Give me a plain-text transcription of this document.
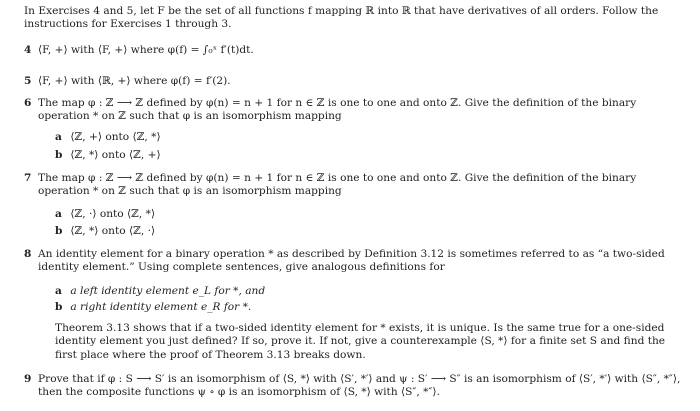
In Exercises 4 and 5, let F be the set of all functions f mapping ℝ into ℝ that have derivatives of all orders. Follow the instructions for Exercises 1 through 3.
4 ⟨F, +⟩ with ⟨F, +⟩ where φ(f) = ∫₀ˣ f′(t)dt.
5 ⟨F, +⟩ with ⟨ℝ, +⟩ where φ(f) = f′(2).
6 The map φ : ℤ ⟶ ℤ defined by φ(n) = n + 1 for n ∈ ℤ is one to one and onto ℤ. Give the definition of the binary operation * on ℤ such that φ is an isomorphism mapping
a ⟨ℤ, +⟩ onto ⟨ℤ, *⟩
b ⟨ℤ, *⟩ onto ⟨ℤ, +⟩
7 The map φ : ℤ ⟶ ℤ defined by φ(n) = n + 1 for n ∈ ℤ is one to one and onto ℤ. Give the definition of the binary operation * on ℤ such that φ is an isomorphism mapping
a ⟨ℤ, ·⟩ onto ⟨ℤ, *⟩
b ⟨ℤ, *⟩ onto ⟨ℤ, ·⟩
8 An identity element for a binary operation * as described by Definition 3.12 is sometimes referred to as “a two-sided identity element.” Using complete sentences, give analogous definitions for
a a left identity element e_L for *, and
b a right identity element e_R for *.
Theorem 3.13 shows that if a two-sided identity element for * exists, it is unique. Is the same true for a one-sided identity element you just defined? If so, prove it. If not, give a counterexample ⟨S, *⟩ for a finite set S and find the first place where the proof of Theorem 3.13 breaks down.
9 Prove that if φ : S ⟶ S′ is an isomorphism of ⟨S, *⟩ with ⟨S′, *′⟩ and ψ : S′ ⟶ S″ is an isomorphism of ⟨S′, *′⟩ with ⟨S″, *″⟩, then the composite functions ψ ∘ φ is an isomorphism of ⟨S, *⟩ with ⟨S″, *″⟩.
